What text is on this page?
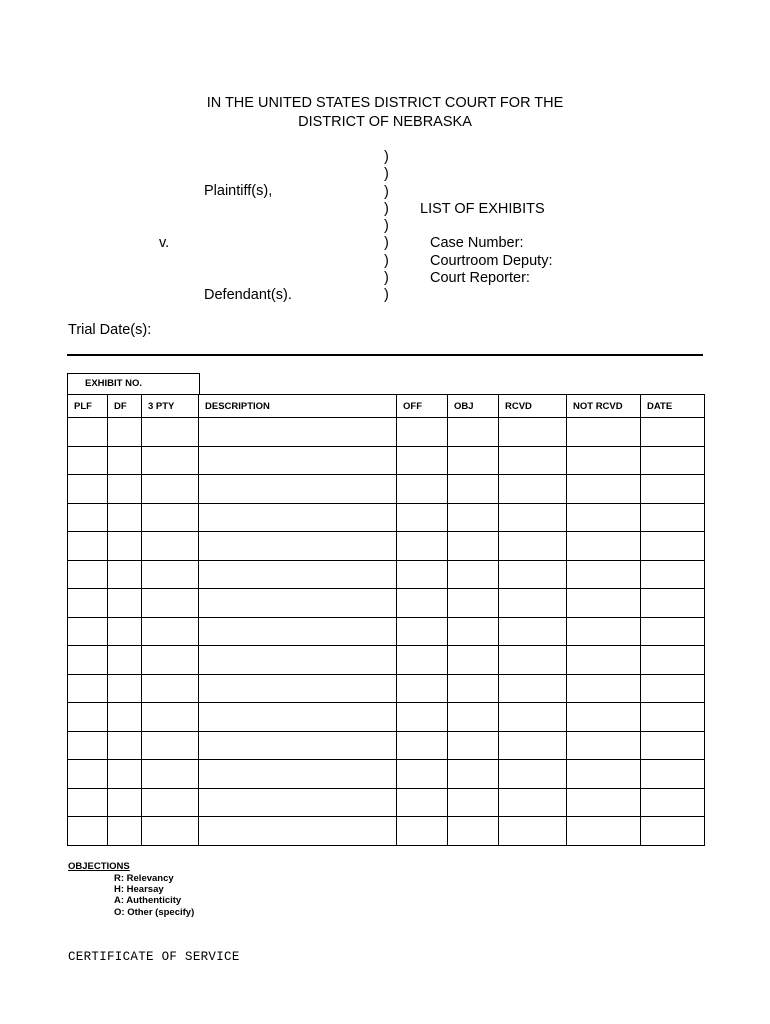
IN THE UNITED STATES DISTRICT COURT FOR THE
DISTRICT OF NEBRASKA
)
)
)
)
)
)
)
)
)
Plaintiff(s),
v.
Defendant(s).
LIST OF EXHIBITS
Case Number:
Courtroom Deputy:
Court Reporter:
Trial Date(s):
EXHIBIT NO.
PLF	DF	3 PTY	DESCRIPTION	OFF	OBJ	RCVD	NOT RCVD	DATE

OBJECTIONS
R: Relevancy
H: Hearsay
A: Authenticity
O: Other (specify)
CERTIFICATE OF SERVICE
